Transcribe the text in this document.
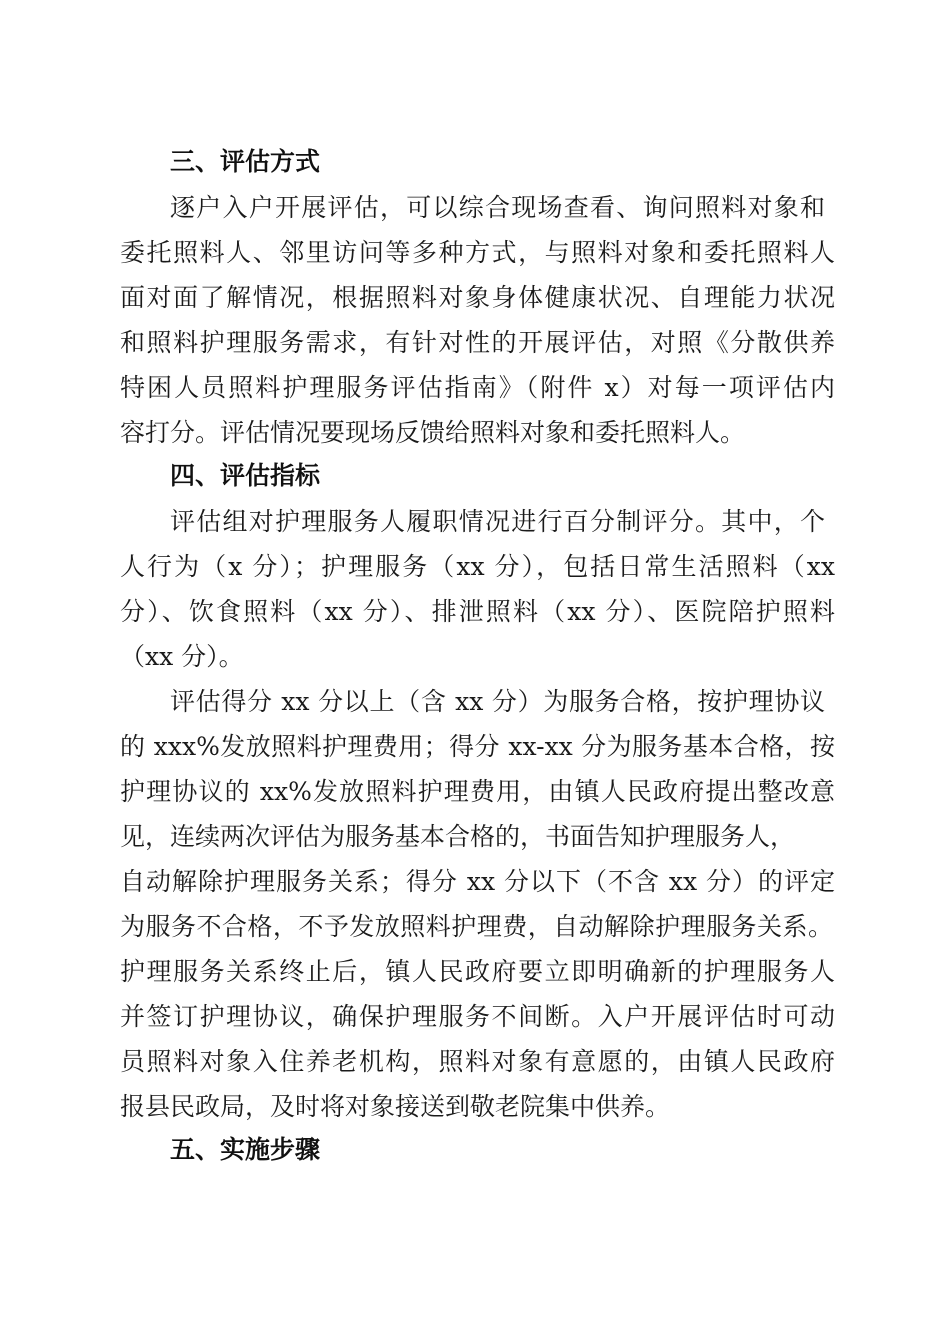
三、评估方式
逐户入户开展评估，可以综合现场查看、询问照料对象和
委托照料人、邻里访问等多种方式，与照料对象和委托照料人
面对面了解情况，根据照料对象身体健康状况、自理能力状况
和照料护理服务需求，有针对性的开展评估，对照《分散供养
特困人员照料护理服务评估指南》（附件 x）对每一项评估内
容打分。评估情况要现场反馈给照料对象和委托照料人。
四、评估指标
评估组对护理服务人履职情况进行百分制评分。其中，个
人行为（x 分）；护理服务（xx 分），包括日常生活照料（xx
分）、饮食照料（xx 分）、排泄照料（xx 分）、医院陪护照料
（xx 分）。
评估得分 xx 分以上（含 xx 分）为服务合格，按护理协议
的 xxx%发放照料护理费用；得分 xx-xx 分为服务基本合格，按
护理协议的 xx%发放照料护理费用，由镇人民政府提出整改意
见，连续两次评估为服务基本合格的，书面告知护理服务人，
自动解除护理服务关系；得分 xx 分以下（不含 xx 分）的评定
为服务不合格，不予发放照料护理费，自动解除护理服务关系。
护理服务关系终止后，镇人民政府要立即明确新的护理服务人
并签订护理协议，确保护理服务不间断。入户开展评估时可动
员照料对象入住养老机构，照料对象有意愿的，由镇人民政府
报县民政局，及时将对象接送到敬老院集中供养。
五、实施步骤
